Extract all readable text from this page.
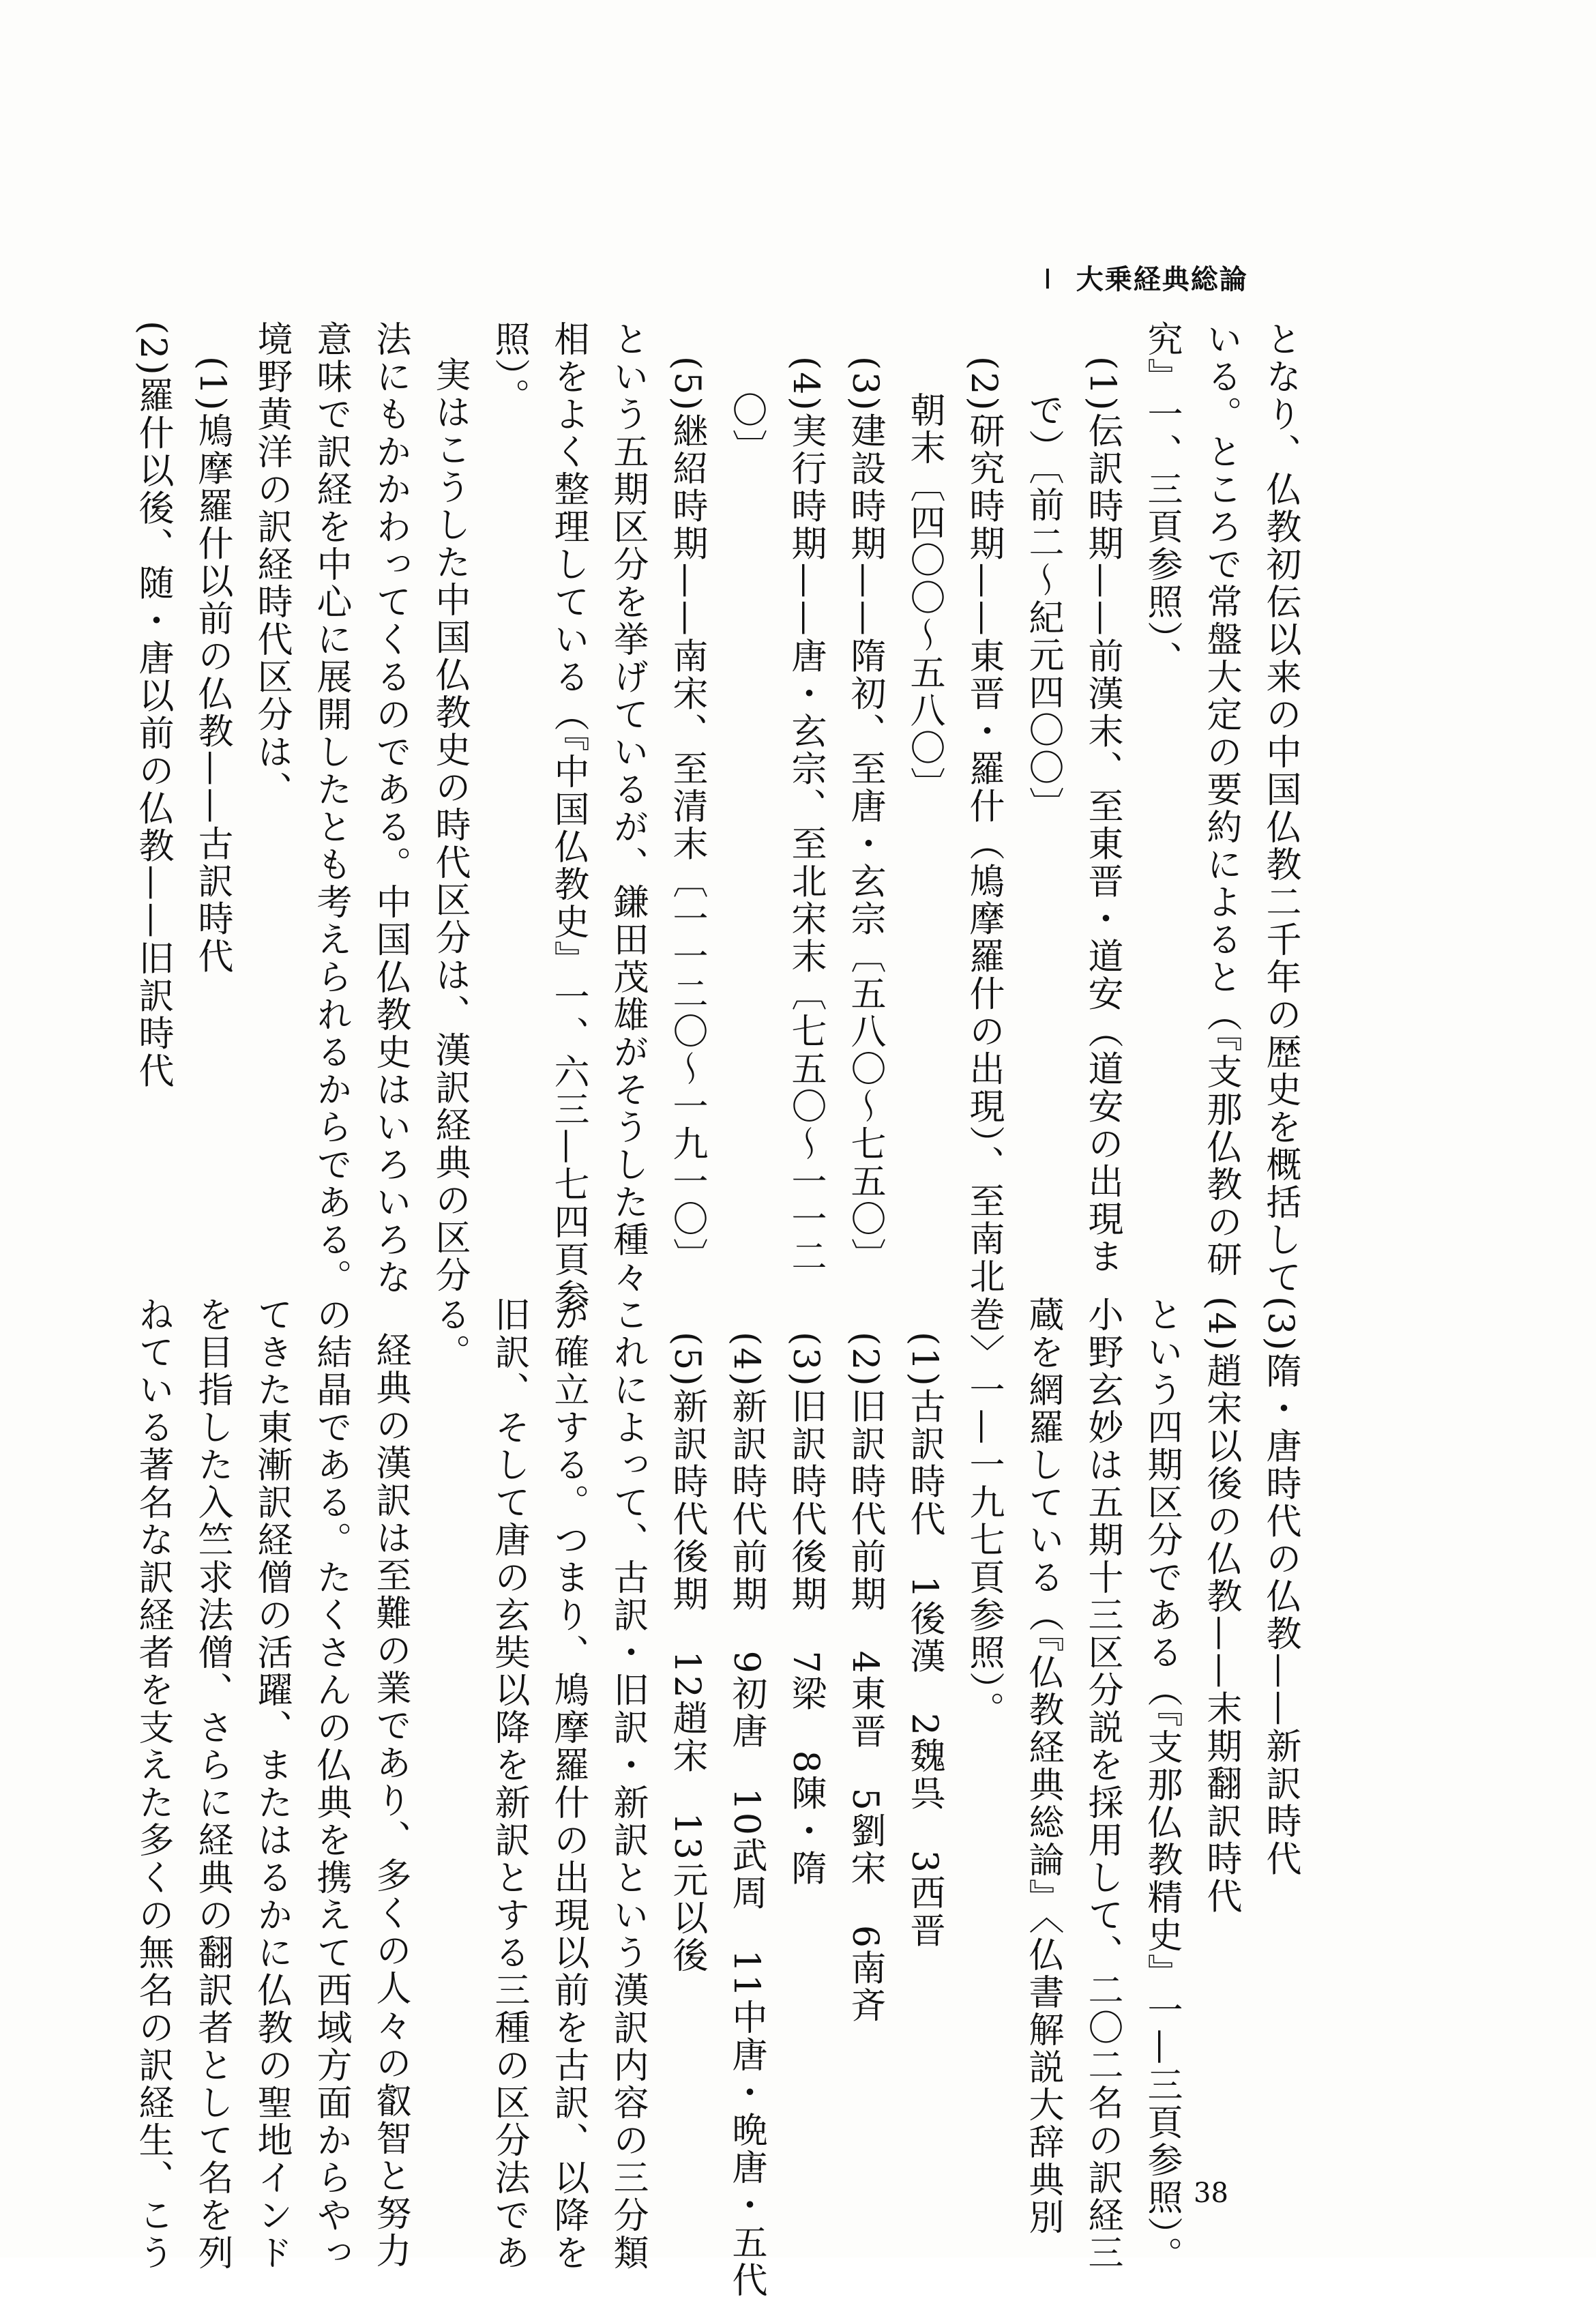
I 大乗経典総論
となり、仏教初伝以来の中国仏教二千年の歴史を概括して
いる。ところで常盤大定の要約によると（『支那仏教の研
究』一、三頁参照）、
(1)伝訳時期——前漢末、至東晋・道安（道安の出現ま
で）〔前二〜紀元四〇〇〕
(2)研究時期——東晋・羅什（鳩摩羅什の出現）、至南北
朝末〔四〇〇〜五八〇〕
(3)建設時期——隋初、至唐・玄宗〔五八〇〜七五〇〕
(4)実行時期——唐・玄宗、至北宋末〔七五〇〜一一二
〇〕
(5)継紹時期——南宋、至清末〔一一二〇〜一九一〇〕
という五期区分を挙げているが、鎌田茂雄がそうした種々
相をよく整理している（『中国仏教史』一、六三—七四頁参
照）。
実はこうした中国仏教史の時代区分は、漢訳経典の区分
法にもかかわってくるのである。中国仏教史はいろいろな
意味で訳経を中心に展開したとも考えられるからである。
境野黄洋の訳経時代区分は、
(1)鳩摩羅什以前の仏教——古訳時代
(2)羅什以後、随・唐以前の仏教——旧訳時代
(3)隋・唐時代の仏教——新訳時代
(4)趙宋以後の仏教——末期翻訳時代
という四期区分である（『支那仏教精史』一—三頁参照）。
小野玄妙は五期十三区分説を採用して、二〇二名の訳経三
蔵を網羅している（『仏教経典総論』〈仏書解説大辞典別
巻〉一—一九七頁参照）。
(1)古訳時代　1後漢　2魏呉　3西晋
(2)旧訳時代前期　4東晋　5劉宋　6南斉
(3)旧訳時代後期　7梁　8陳・隋
(4)新訳時代前期　9初唐　10武周　11中唐・晩唐・五代
(5)新訳時代後期　12趙宋　13元以後
これによって、古訳・旧訳・新訳という漢訳内容の三分類
が確立する。つまり、鳩摩羅什の出現以前を古訳、以降を
旧訳、そして唐の玄奘以降を新訳とする三種の区分法であ
る。
経典の漢訳は至難の業であり、多くの人々の叡智と努力
の結晶である。たくさんの仏典を携えて西域方面からやっ
てきた東漸訳経僧の活躍、またはるかに仏教の聖地インド
を目指した入竺求法僧、さらに経典の翻訳者として名を列
ねている著名な訳経者を支えた多くの無名の訳経生、こう	38
